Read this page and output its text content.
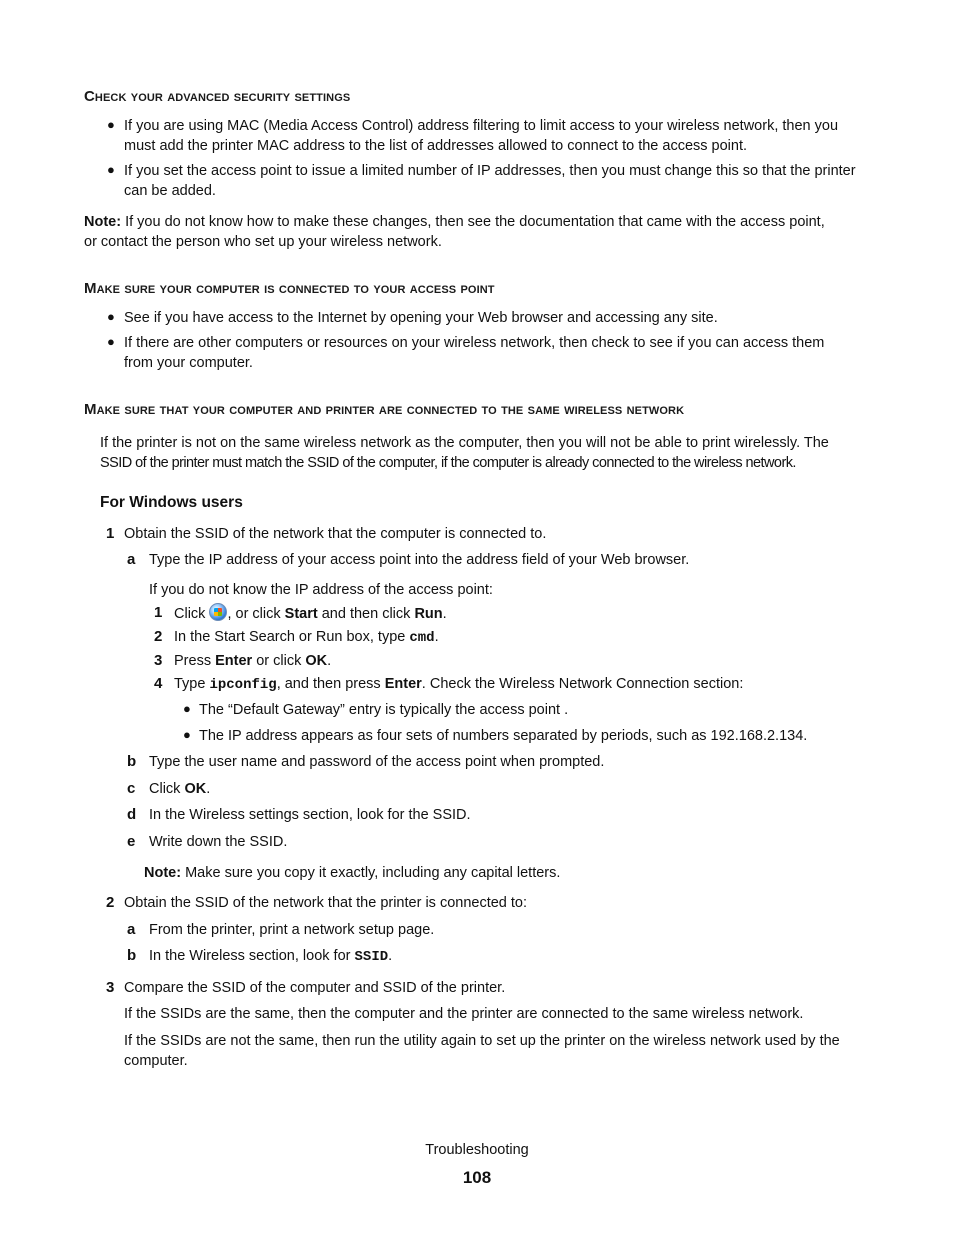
Check your advanced security settings
● If you are using MAC (Media Access Control) address filtering to limit access to your wireless network, then you
must add the printer MAC address to the list of addresses allowed to connect to the access point.
● If you set the access point to issue a limited number of IP addresses, then you must change this so that the printer
can be added.
Note: If you do not know how to make these changes, then see the documentation that came with the access point,
or contact the person who set up your wireless network.
Make sure your computer is connected to your access point
● See if you have access to the Internet by opening your Web browser and accessing any site.
● If there are other computers or resources on your wireless network, then check to see if you can access them
from your computer.
Make sure that your computer and printer are connected to the same wireless network
If the printer is not on the same wireless network as the computer, then you will not be able to print wirelessly. The
SSID of the printer must match the SSID of the computer, if the computer is already connected to the wireless network.
For Windows users
1 Obtain the SSID of the network that the computer is connected to.
a Type the IP address of your access point into the address field of your Web browser.
If you do not know the IP address of the access point:
1 Click , or click Start and then click Run.
2 In the Start Search or Run box, type cmd.
3 Press Enter or click OK.
4 Type ipconfig, and then press Enter. Check the Wireless Network Connection section:
● The “Default Gateway” entry is typically the access point .
● The IP address appears as four sets of numbers separated by periods, such as 192.168.2.134.
b Type the user name and password of the access point when prompted.
c Click OK.
d In the Wireless settings section, look for the SSID.
e Write down the SSID.
Note: Make sure you copy it exactly, including any capital letters.
2 Obtain the SSID of the network that the printer is connected to:
a From the printer, print a network setup page.
b In the Wireless section, look for SSID.
3 Compare the SSID of the computer and SSID of the printer.
If the SSIDs are the same, then the computer and the printer are connected to the same wireless network.
If the SSIDs are not the same, then run the utility again to set up the printer on the wireless network used by the
computer.
Troubleshooting
108
